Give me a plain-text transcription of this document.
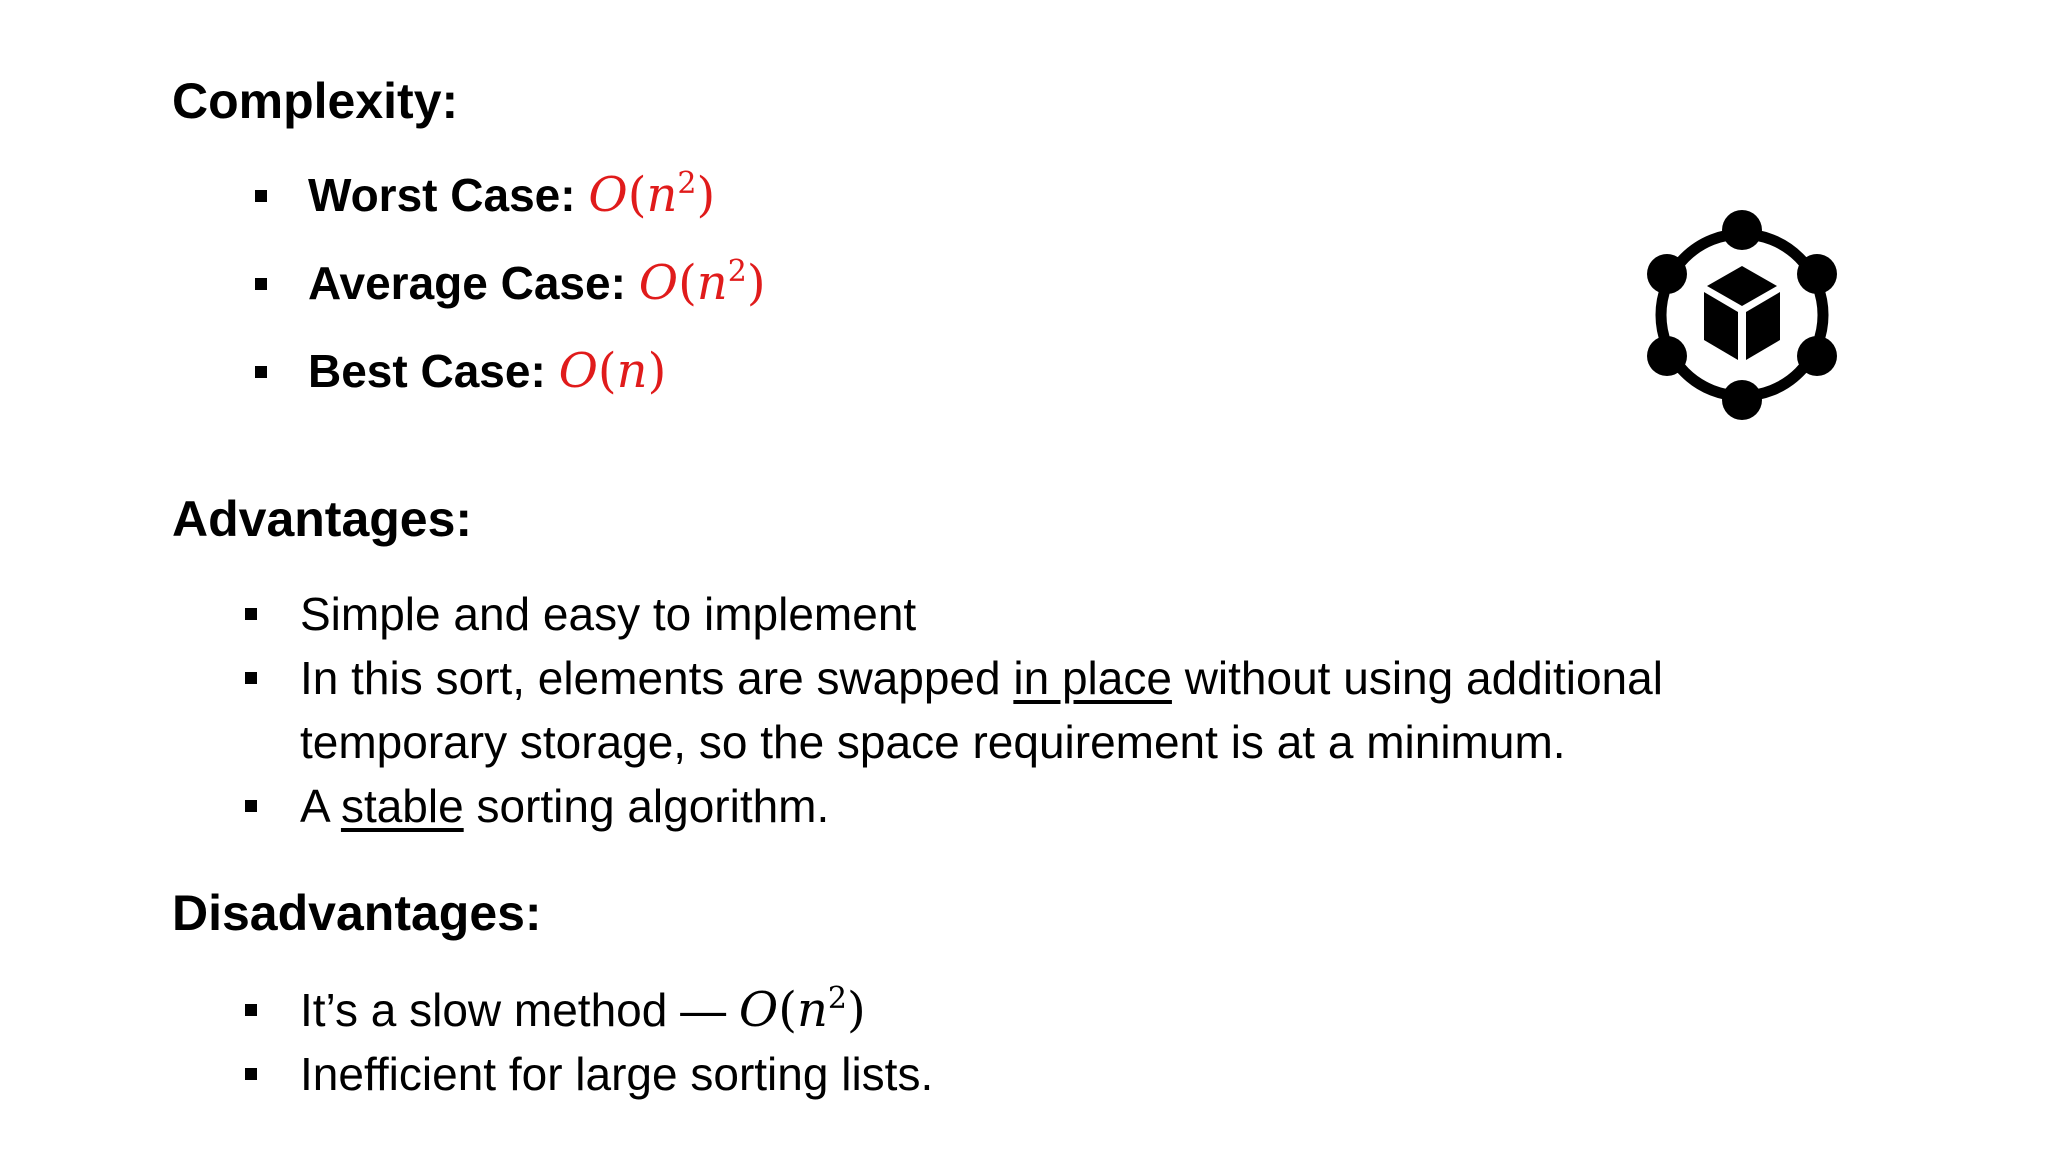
Complexity:
Worst Case: $O(n^2)$
Average Case: $O(n^2)$
Best Case: O(n)
Advantages:
Simple and easy to implement
In this sort, elements are swapped in place without using additional temporary storage, so the space requirement is at a minimum.
A stable sorting algorithm.
Disadvantages:
It’s a slow method — $O(n^2)$
Inefficient for large sorting lists.
